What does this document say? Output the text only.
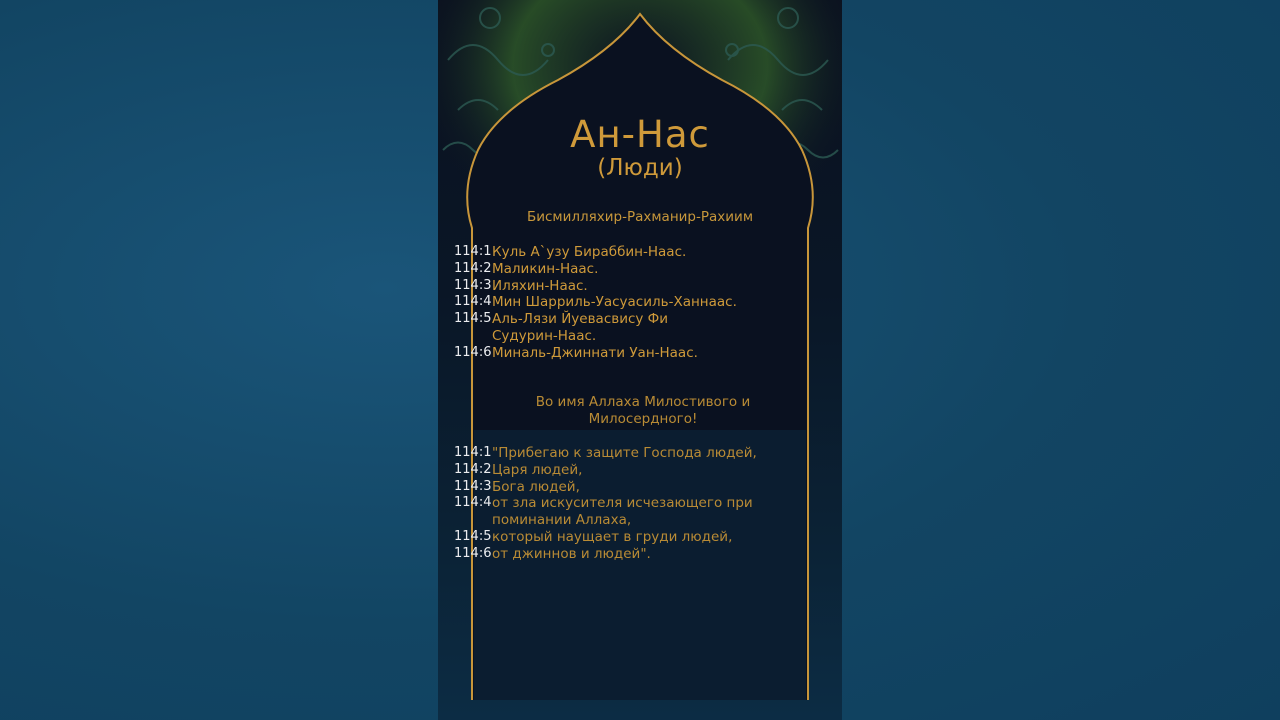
Ан-Нас
(Люди)
Бисмилляхир-Рахманир-Рахиим
114:1 Куль А`узу Бираббин-Наас.
114:2 Маликин-Наас.
114:3 Иляхин-Наас.
114:4 Мин Шарриль-Уасуасиль-Ханнаас.
114:5 Аль-Лязи Йуевасвису Фи Судурин-Наас.
114:6 Миналь-Джиннати Уан-Наас.
Во имя Аллаха Милостивого и Милосердного!
114:1 "Прибегаю к защите Господа людей,
114:2 Царя людей,
114:3 Бога людей,
114:4 от зла искусителя исчезающего при поминании Аллаха,
114:5 который наущает в груди людей,
114:6 от джиннов и людей".
